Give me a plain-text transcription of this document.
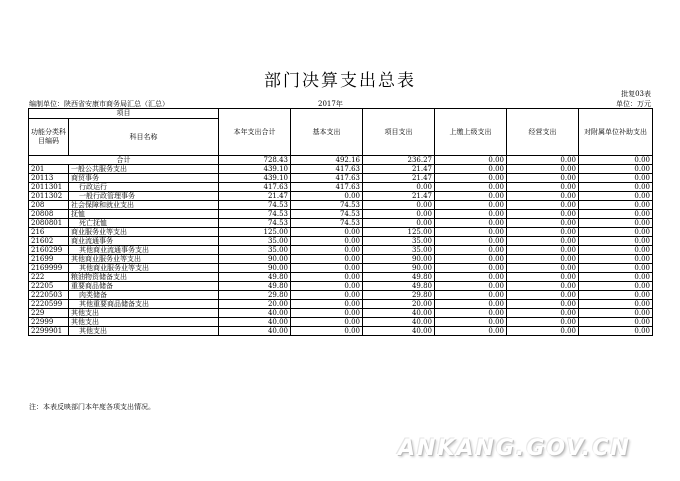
部门决算支出总表
批复03表
编制单位：陕西省安康市商务局汇总（汇总）	2017年	单位：万元
项目		本年支出合计	基本支出	项目支出	上缴上级支出	经营支出	对附属单位补助支出
功能分类科目编码	科目名称						
合计		728.43	492.16	236.27	0.00	0.00	0.00
201	一般公共服务支出	439.10	417.63	21.47	0.00	0.00	0.00
20113	商贸事务	439.10	417.63	21.47	0.00	0.00	0.00
2011301	行政运行	417.63	417.63	0.00	0.00	0.00	0.00
2011302	一般行政管理事务	21.47	0.00	21.47	0.00	0.00	0.00
208	社会保障和就业支出	74.53	74.53	0.00	0.00	0.00	0.00
20808	抚恤	74.53	74.53	0.00	0.00	0.00	0.00
2080801	死亡抚恤	74.53	74.53	0.00	0.00	0.00	0.00
216	商业服务业等支出	125.00	0.00	125.00	0.00	0.00	0.00
21602	商业流通事务	35.00	0.00	35.00	0.00	0.00	0.00
2160299	其他商业流通事务支出	35.00	0.00	35.00	0.00	0.00	0.00
21699	其他商业服务业等支出	90.00	0.00	90.00	0.00	0.00	0.00
2169999	其他商业服务业等支出	90.00	0.00	90.00	0.00	0.00	0.00
222	粮油物资储备支出	49.80	0.00	49.80	0.00	0.00	0.00
22205	重要商品储备	49.80	0.00	49.80	0.00	0.00	0.00
2220503	肉类储备	29.80	0.00	29.80	0.00	0.00	0.00
2220599	其他重要商品储备支出	20.00	0.00	20.00	0.00	0.00	0.00
229	其他支出	40.00	0.00	40.00	0.00	0.00	0.00
22999	其他支出	40.00	0.00	40.00	0.00	0.00	0.00
2299901	其他支出	40.00	0.00	40.00	0.00	0.00	0.00
注：本表反映部门本年度各项支出情况。
ANKANG.GOV.CN
